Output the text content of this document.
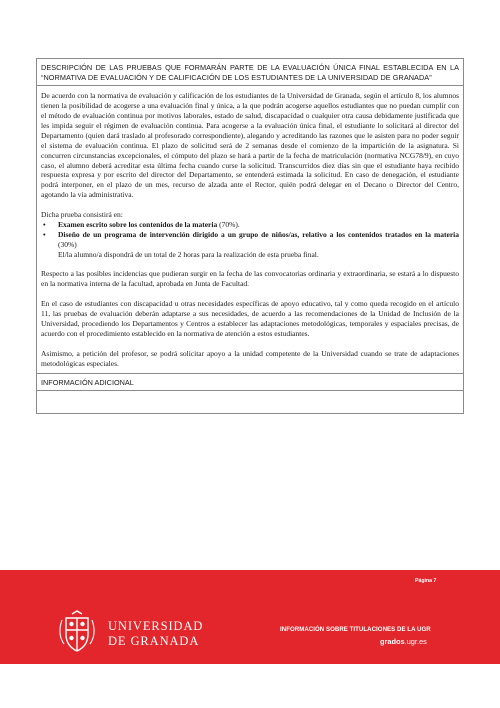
DESCRIPCIÓN DE LAS PRUEBAS QUE FORMARÁN PARTE DE LA EVALUACIÓN ÚNICA FINAL ESTABLECIDA EN LA “NORMATIVA DE EVALUACIÓN Y DE CALIFICACIÓN DE LOS ESTUDIANTES DE LA UNIVERSIDAD DE GRANADA”

De acuerdo con la normativa de evaluación y calificación de los estudiantes de la Universidad de Granada, según el artículo 8, los alumnos tienen la posibilidad de acogerse a una evaluación final y única, a la que podrán acogerse aquellos estudiantes que no puedan cumplir con el método de evaluación continua por motivos laborales, estado de salud, discapacidad o cualquier otra causa debidamente justificada que les impida seguir el régimen de evaluación continua. Para acogerse a la evaluación única final, el estudiante lo solicitará al director del Departamento (quien dará traslado al profesorado correspondiente), alegando y acreditando las razones que le asisten para no poder seguir el sistema de evaluación continua. El plazo de solicitud será de 2 semanas desde el comienzo de la impartición de la asignatura. Si concurren circunstancias excepcionales, el cómputo del plazo se hará a partir de la fecha de matriculación (normativa NCG78/9), en cuyo caso, el alumno deberá acreditar esta última fecha cuando curse la solicitud. Transcurridos diez días sin que el estudiante haya recibido respuesta expresa y por escrito del director del Departamento, se entenderá estimada la solicitud. En caso de denegación, el estudiante podrá interponer, en el plazo de un mes, recurso de alzada ante el Rector, quién podrá delegar en el Decano o Director del Centro, agotando la vía administrativa.

Dicha prueba consistirá en:

• Examen escrito sobre los contenidos de la materia (70%).
• Diseño de un programa de intervención dirigido a un grupo de niños/as, relativo a los contenidos tratados en la materia (30%)
El/la alumno/a dispondrá de un total de 2 horas para la realización de esta prueba final.

Respecto a las posibles incidencias que pudieran surgir en la fecha de las convocatorias ordinaria y extraordinaria, se estará a lo dispuesto en la normativa interna de la facultad, aprobada en Junta de Facultad.

En el caso de estudiantes con discapacidad u otras necesidades específicas de apoyo educativo, tal y como queda recogido en el artículo 11, las pruebas de evaluación deberán adaptarse a sus necesidades, de acuerdo a las recomendaciones de la Unidad de Inclusión de la Universidad, procediendo los Departamentos y Centros a establecer las adaptaciones metodológicas, temporales y espaciales precisas, de acuerdo con el procedimiento establecido en la normativa de atención a estos estudiantes.

Asimismo, a petición del profesor, se podrá solicitar apoyo a la unidad competente de la Universidad cuando se trate de adaptaciones metodológicas especiales.

INFORMACIÓN ADICIONAL
Página 7
UNIVERSIDAD
DE GRANADA
INFORMACIÓN SOBRE TITULACIONES DE LA UGR
grados.ugr.es
